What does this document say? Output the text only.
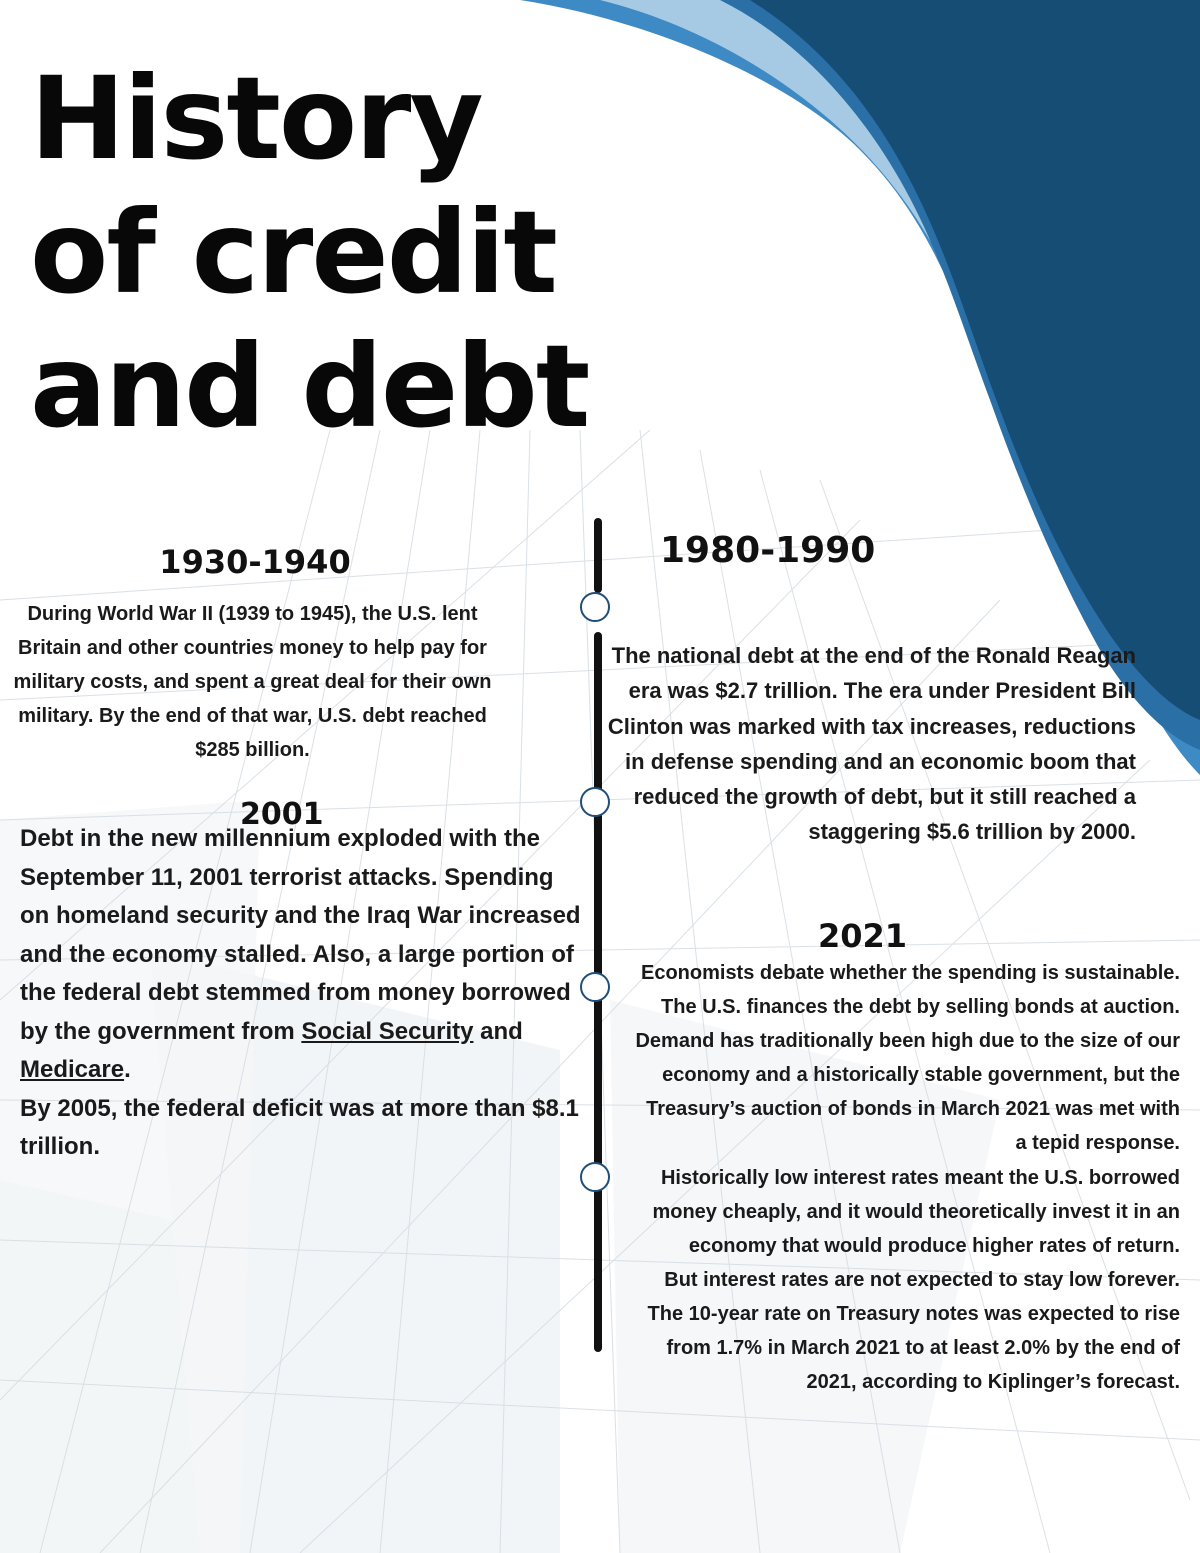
History
of credit
and debt
1930-1940
During World War II (1939 to 1945), the U.S. lent Britain and other countries money to help pay for military costs, and spent a great deal for their own military. By the end of that war, U.S. debt reached $285 billion.
1980-1990
The national debt at the end of the Ronald Reagan era was $2.7 trillion. The era under President Bill Clinton was marked with tax increases, reductions in defense spending and an economic boom that reduced the growth of debt, but it still reached a staggering $5.6 trillion by 2000.
2001

Debt in the new millennium exploded with the September 11, 2001 terrorist attacks. Spending on homeland security and the Iraq War increased and the economy stalled. Also, a large portion of the federal debt stemmed from money borrowed by the government from Social Security and Medicare.

By 2005, the federal deficit was at more than $8.1 trillion.

2021

Economists debate whether the spending is sustainable. The U.S. finances the debt by selling bonds at auction. Demand has traditionally been high due to the size of our economy and a historically stable government, but the Treasury’s auction of bonds in March 2021 was met with a tepid response.

Historically low interest rates meant the U.S. borrowed money cheaply, and it would theoretically invest it in an economy that would produce higher rates of return.

But interest rates are not expected to stay low forever. The 10-year rate on Treasury notes was expected to rise from 1.7% in March 2021 to at least 2.0% by the end of 2021, according to Kiplinger’s forecast.
